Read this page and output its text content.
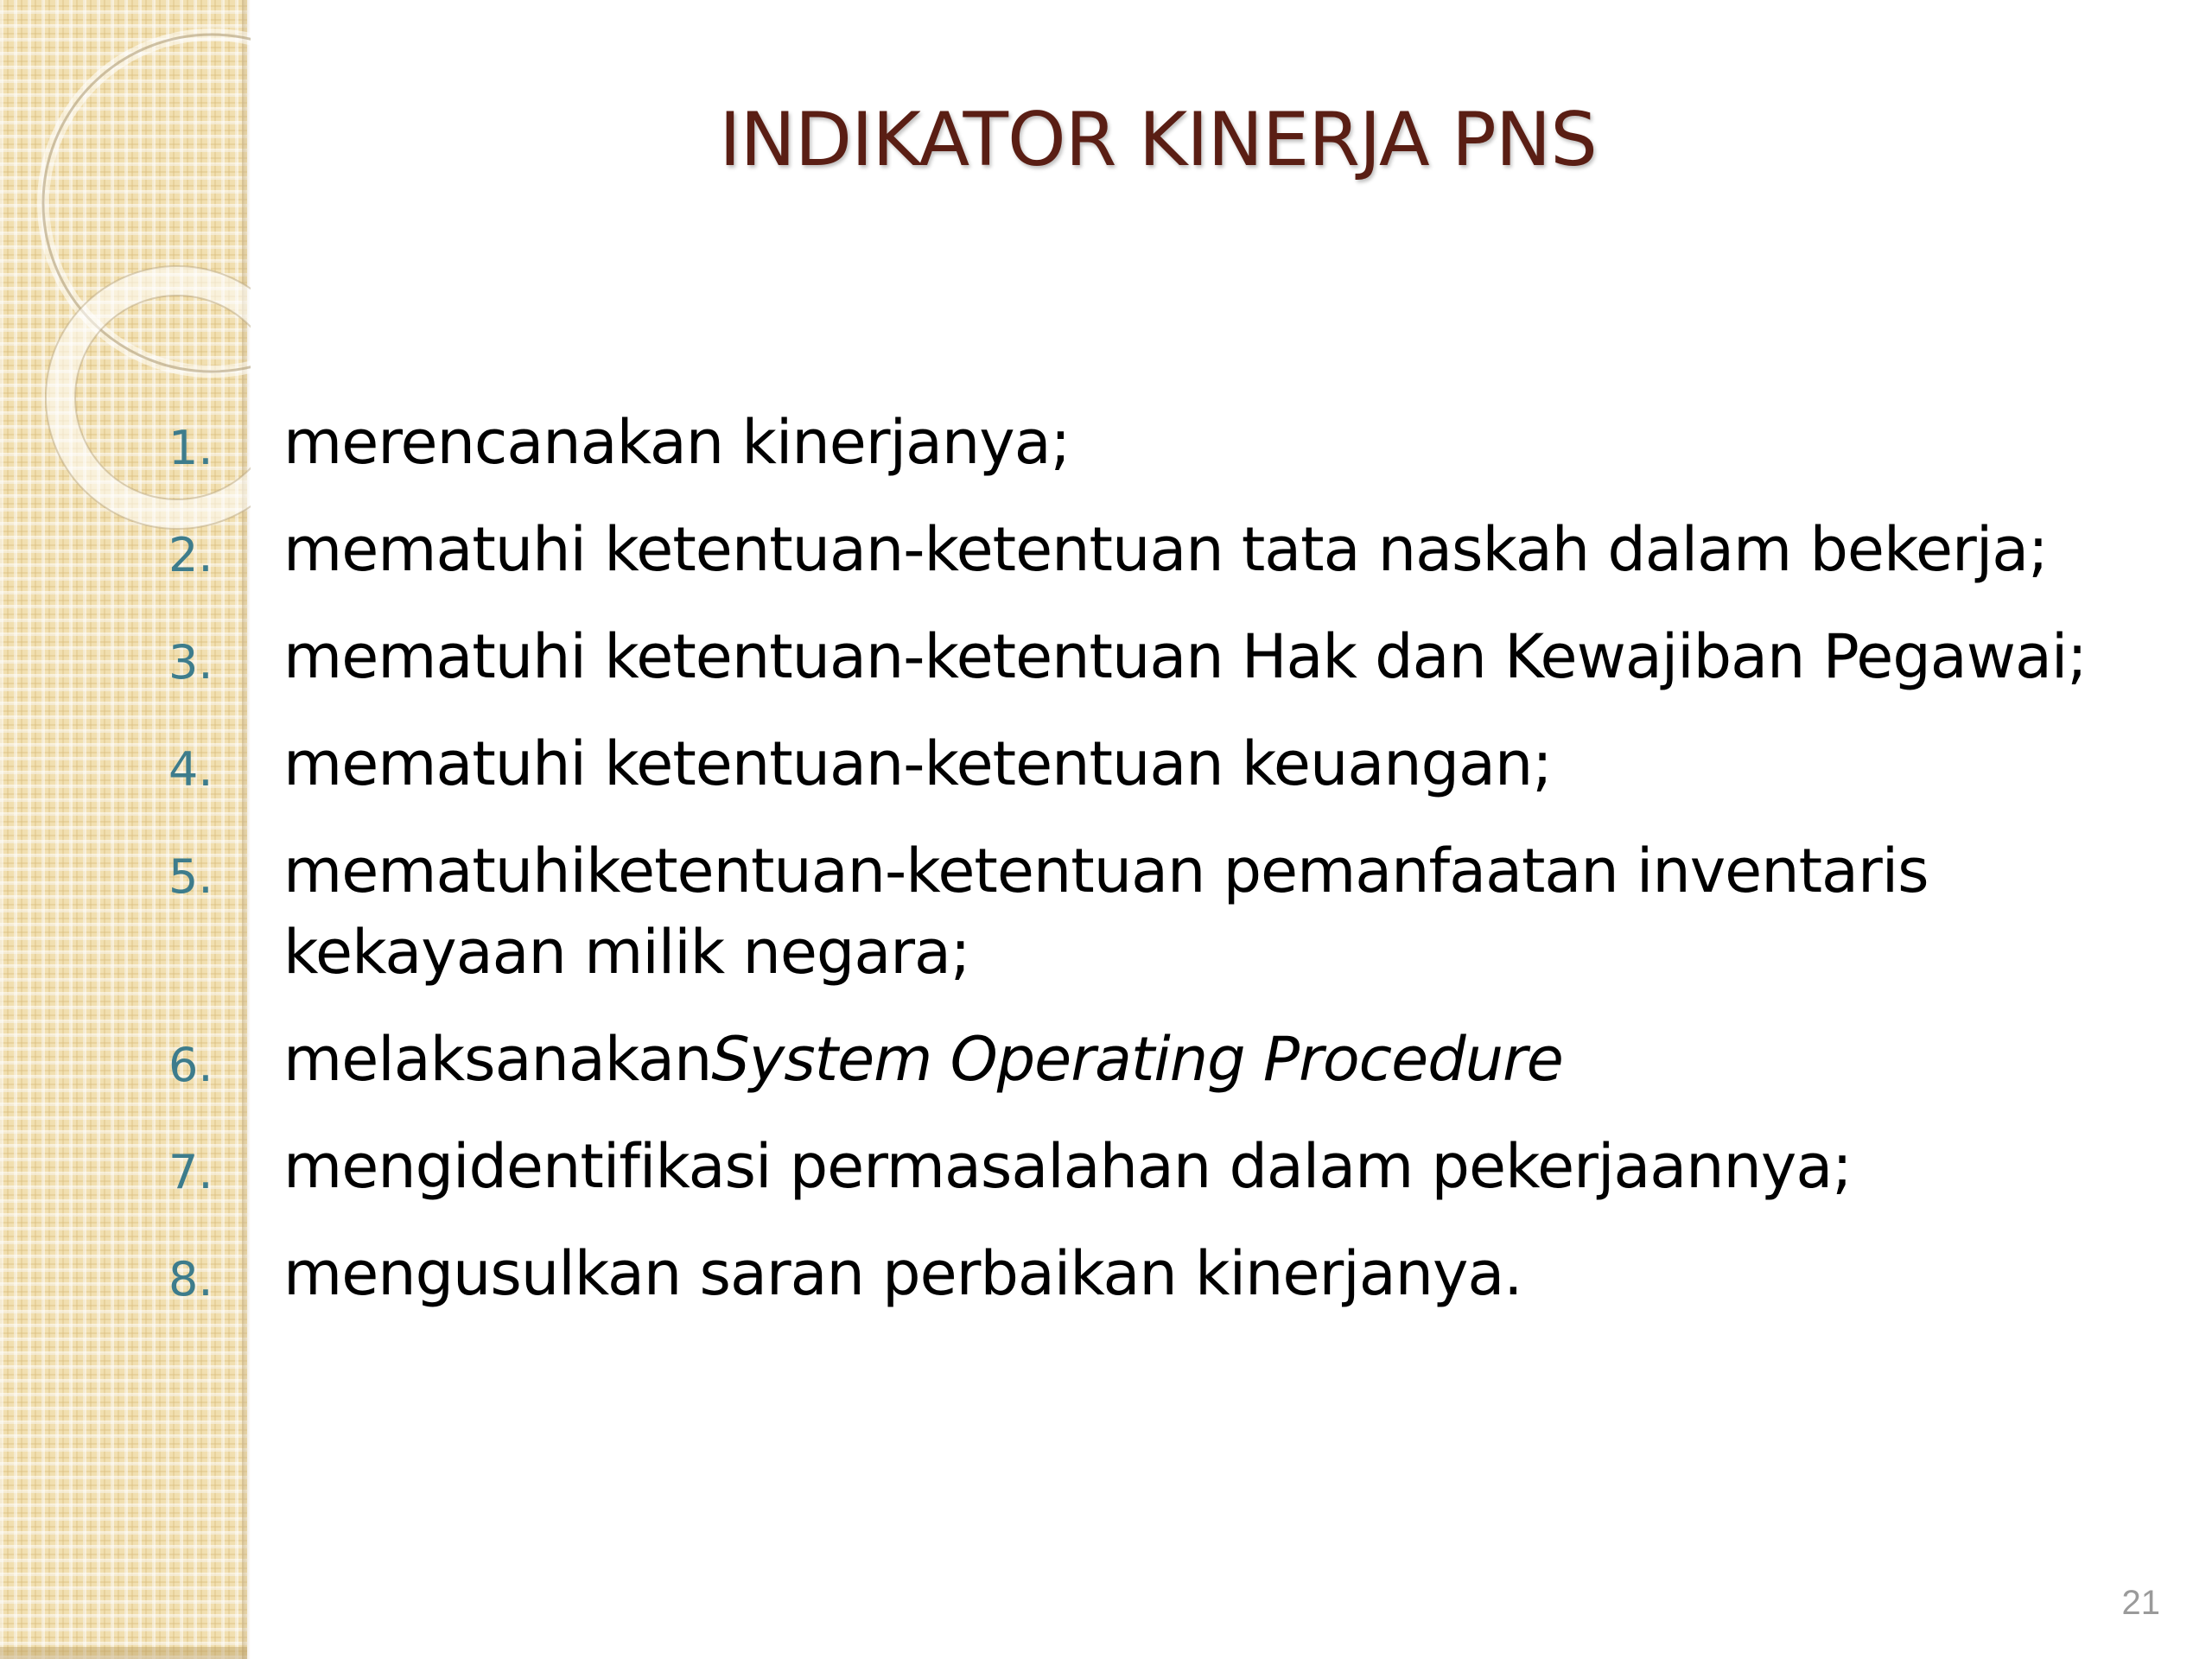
INDIKATOR KINERJA PNS
1. merencanakan kinerjanya;
2. mematuhi ketentuan-ketentuan tata naskah dalam bekerja;
3. mematuhi ketentuan-ketentuan Hak dan Kewajiban Pegawai;
4. mematuhi ketentuan-ketentuan keuangan;
5. mematuhiketentuan-ketentuan pemanfaatan inventaris kekayaan milik negara;
6. melaksanakanSystem Operating Procedure
7. mengidentifikasi permasalahan dalam pekerjaannya;
8. mengusulkan saran perbaikan kinerjanya.
21
